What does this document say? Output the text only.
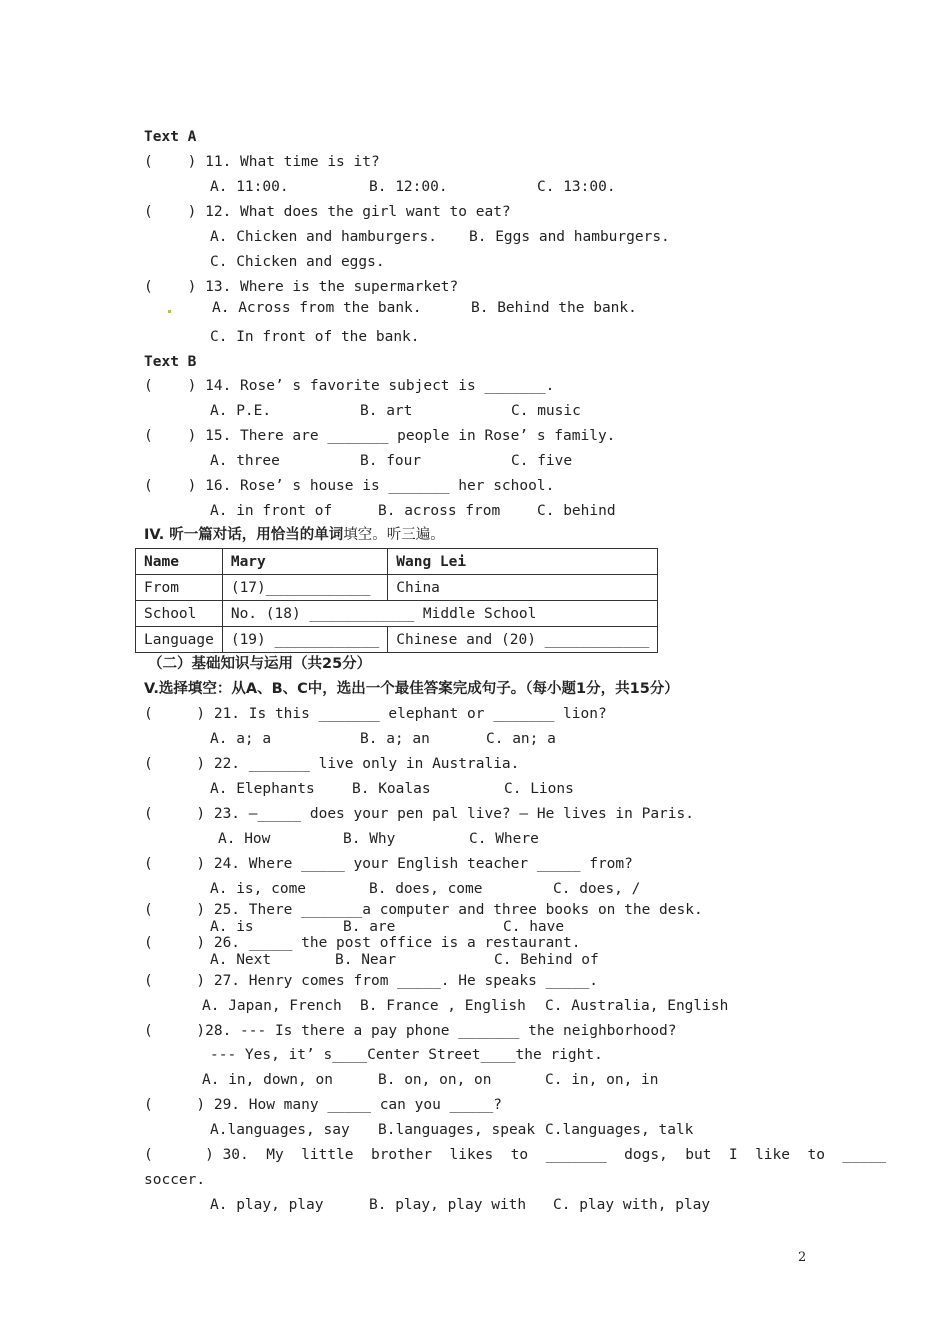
Text A
(    ) 11. What time is it?
A. 11:00.	B. 12:00.	C. 13:00.
(    ) 12. What does the girl want to eat?
A. Chicken and hamburgers. B. Eggs and hamburgers.
C. Chicken and eggs.
(    ) 13. Where is the supermarket?
A. Across from the bank.	B. Behind the bank.
C. In front of the bank.
Text B
(    ) 14. Rose’ s favorite subject is _______.
A. P.E.	B. art	C. music
(    ) 15. There are _______ people in Rose’ s family.
A. three	B. four	C. five
(    ) 16. Rose’ s house is _______ her school.
A. in front of	B. across from	C. behind
IV. 听一篇对话，用恰当的单词填空。听三遍。
Name	Mary	Wang Lei
From	(17)____________	China
School	No. (18) ____________ Middle School	
Language	(19) ____________	Chinese and (20) ____________
（二）基础知识与运用（共25分）
V.选择填空：从A、B、C中，选出一个最佳答案完成句子。（每小题1分，共15分）
(     ) 21. Is this _______ elephant or _______ lion?
A. a; a	B. a; an	C. an; a
(     ) 22. _______ live only in Australia.
A. Elephants	B. Koalas	C. Lions
(     ) 23. —_____ does your pen pal live? — He lives in Paris.
A. How	B. Why	C. Where
(     ) 24. Where _____ your English teacher _____ from?
A. is, come	B. does, come	C. does, /
(     ) 25. There _______a computer and three books on the desk.
A. is	B. are	C. have
(     ) 26. _____ the post office is a restaurant.
A. Next	B. Near	C. Behind of
(     ) 27. Henry comes from _____. He speaks _____.
A. Japan, French B. France , English C. Australia, English
(     )28. --- Is there a pay phone _______ the neighborhood?
--- Yes, it’ s____Center Street____the right.
A. in, down, on	B. on, on, on	C. in, on, in
(     ) 29. How many _____ can you _____?
A.languages, say B.languages, speak C.languages, talk
(      ) 30.  My  little  brother  likes  to  _______  dogs,  but  I  like  to  _____
soccer.
A. play, play	B. play, play with C. play with, play
2
